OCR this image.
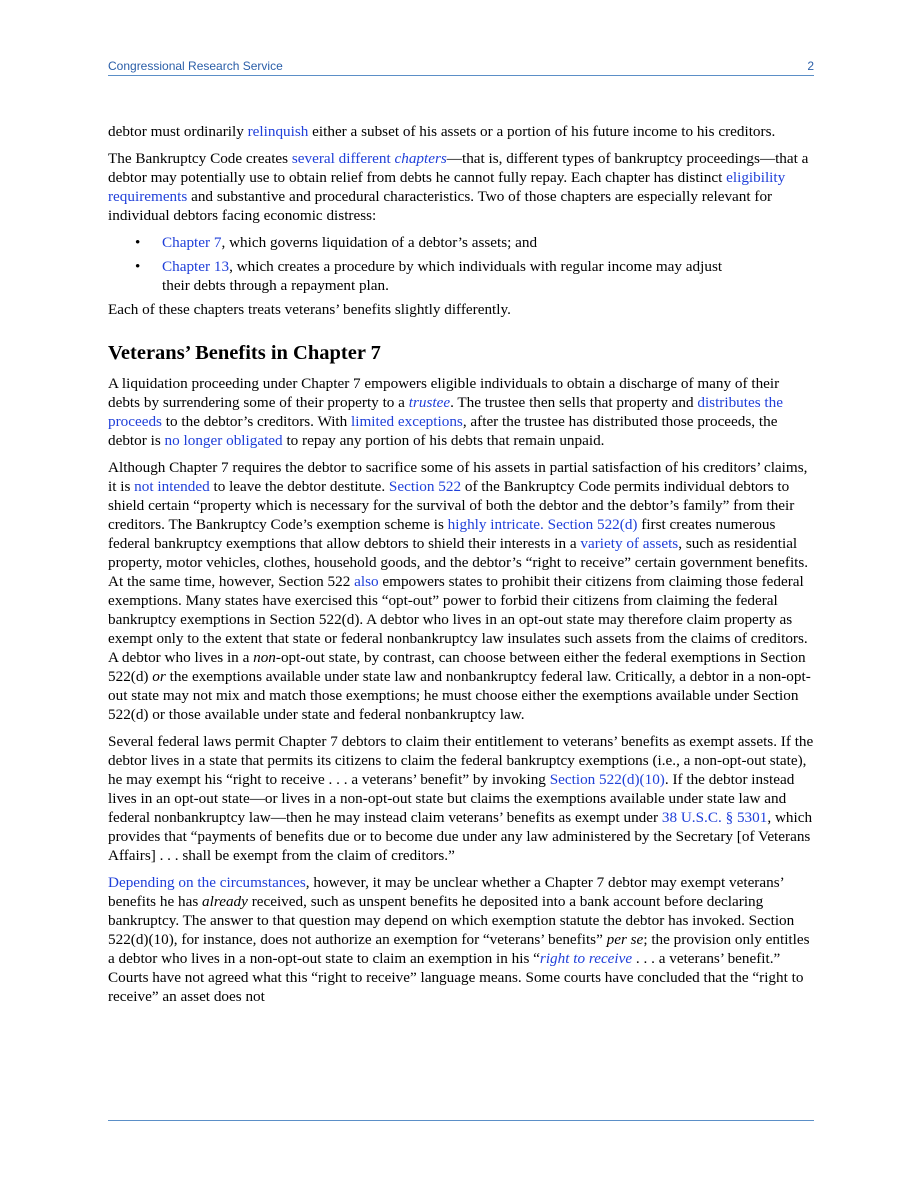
Congressional Research Service	2

debtor must ordinarily relinquish either a subset of his assets or a portion of his future income to his creditors.

The Bankruptcy Code creates several different chapters—that is, different types of bankruptcy proceedings—that a debtor may potentially use to obtain relief from debts he cannot fully repay. Each chapter has distinct eligibility requirements and substantive and procedural characteristics. Two of those chapters are especially relevant for individual debtors facing economic distress:

• Chapter 7, which governs liquidation of a debtor’s assets; and
• Chapter 13, which creates a procedure by which individuals with regular income may adjust their debts through a repayment plan.

Each of these chapters treats veterans’ benefits slightly differently.

Veterans’ Benefits in Chapter 7

A liquidation proceeding under Chapter 7 empowers eligible individuals to obtain a discharge of many of their debts by surrendering some of their property to a trustee. The trustee then sells that property and distributes the proceeds to the debtor’s creditors. With limited exceptions, after the trustee has distributed those proceeds, the debtor is no longer obligated to repay any portion of his debts that remain unpaid.

Although Chapter 7 requires the debtor to sacrifice some of his assets in partial satisfaction of his creditors’ claims, it is not intended to leave the debtor destitute. Section 522 of the Bankruptcy Code permits individual debtors to shield certain “property which is necessary for the survival of both the debtor and the debtor’s family” from their creditors. The Bankruptcy Code’s exemption scheme is highly intricate. Section 522(d) first creates numerous federal bankruptcy exemptions that allow debtors to shield their interests in a variety of assets, such as residential property, motor vehicles, clothes, household goods, and the debtor’s “right to receive” certain government benefits. At the same time, however, Section 522 also empowers states to prohibit their citizens from claiming those federal exemptions. Many states have exercised this “opt-out” power to forbid their citizens from claiming the federal bankruptcy exemptions in Section 522(d). A debtor who lives in an opt-out state may therefore claim property as exempt only to the extent that state or federal nonbankruptcy law insulates such assets from the claims of creditors. A debtor who lives in a non-opt-out state, by contrast, can choose between either the federal exemptions in Section 522(d) or the exemptions available under state law and nonbankruptcy federal law. Critically, a debtor in a non-opt-out state may not mix and match those exemptions; he must choose either the exemptions available under Section 522(d) or those available under state and federal nonbankruptcy law.

Several federal laws permit Chapter 7 debtors to claim their entitlement to veterans’ benefits as exempt assets. If the debtor lives in a state that permits its citizens to claim the federal bankruptcy exemptions (i.e., a non-opt-out state), he may exempt his “right to receive . . . a veterans’ benefit” by invoking Section 522(d)(10). If the debtor instead lives in an opt-out state—or lives in a non-opt-out state but claims the exemptions available under state law and federal nonbankruptcy law—then he may instead claim veterans’ benefits as exempt under 38 U.S.C. § 5301, which provides that “payments of benefits due or to become due under any law administered by the Secretary [of Veterans Affairs] . . . shall be exempt from the claim of creditors.”

Depending on the circumstances, however, it may be unclear whether a Chapter 7 debtor may exempt veterans’ benefits he has already received, such as unspent benefits he deposited into a bank account before declaring bankruptcy. The answer to that question may depend on which exemption statute the debtor has invoked. Section 522(d)(10), for instance, does not authorize an exemption for “veterans’ benefits” per se; the provision only entitles a debtor who lives in a non-opt-out state to claim an exemption in his “right to receive . . . a veterans’ benefit.” Courts have not agreed what this “right to receive” language means. Some courts have concluded that the “right to receive” an asset does not
